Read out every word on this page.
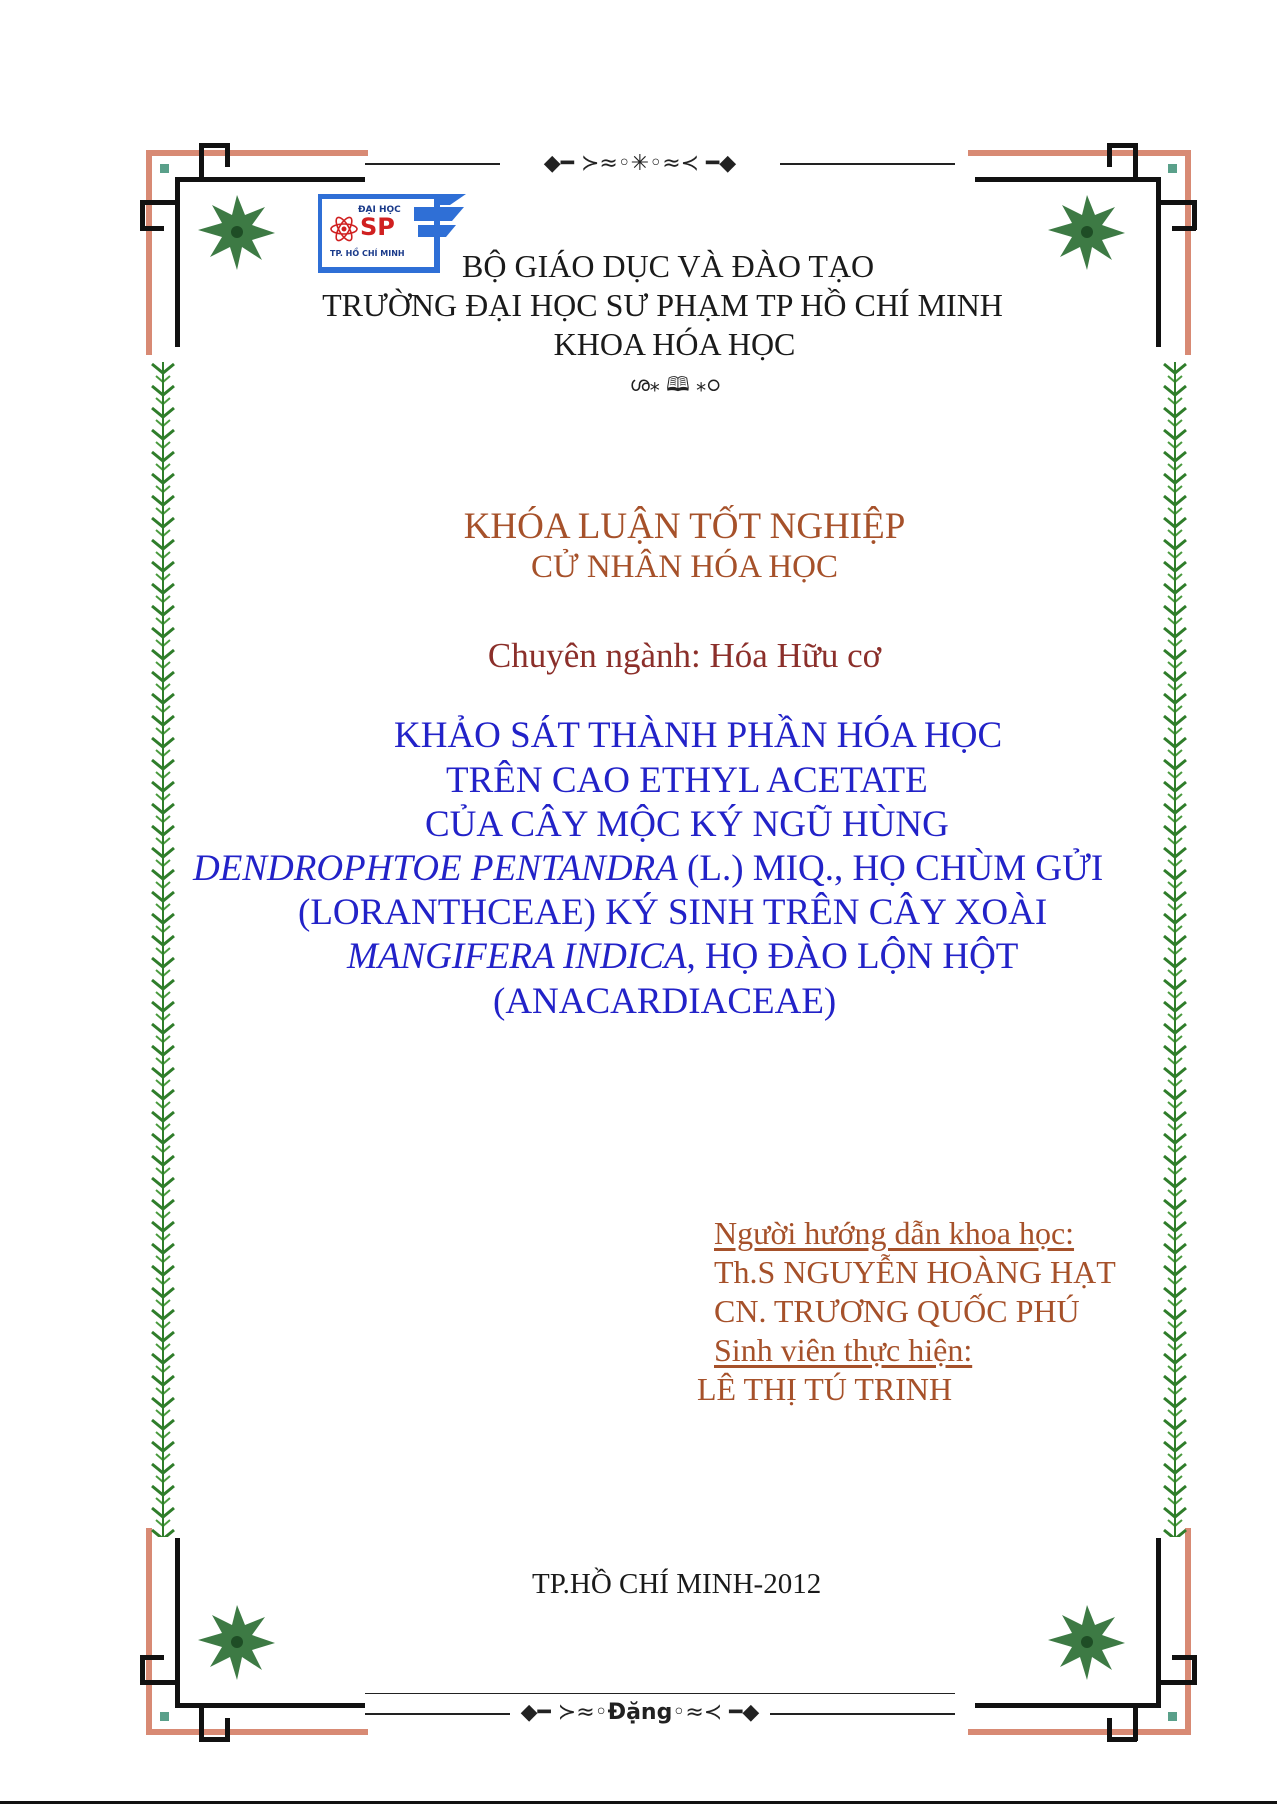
◆━ ≻≈◦✳◦≈≺ ━◆
◆━ ≻≈◦Đặng◦≈≺ ━◆
ĐẠI HỌC
SP
TP. HỒ CHÍ MINH BỘ GIÁO DỤC VÀ ĐÀO TẠO
TRƯỜNG ĐẠI HỌC SƯ PHẠM TP HỒ CHÍ MINH
KHOA HÓA HỌC
ശ⁎ 🕮 ⁎ഠ
KHÓA LUẬN TỐT NGHIỆP
CỬ NHÂN HÓA HỌC
Chuyên ngành: Hóa Hữu cơ
KHẢO SÁT THÀNH PHẦN HÓA HỌC
TRÊN CAO ETHYL ACETATE
CỦA CÂY MỘC KÝ NGŨ HÙNG
DENDROPHTOE PENTANDRA (L.) MIQ., HỌ CHÙM GỬI
(LORANTHCEAE) KÝ SINH TRÊN CÂY XOÀI
MANGIFERA INDICA, HỌ ĐÀO LỘN HỘT
(ANACARDIACEAE)
Người hướng dẫn khoa học:
Th.S NGUYỄN HOÀNG HẠT
CN. TRƯƠNG QUỐC PHÚ
Sinh viên thực hiện:
LÊ THỊ TÚ TRINH
TP.HỒ CHÍ MINH-2012
